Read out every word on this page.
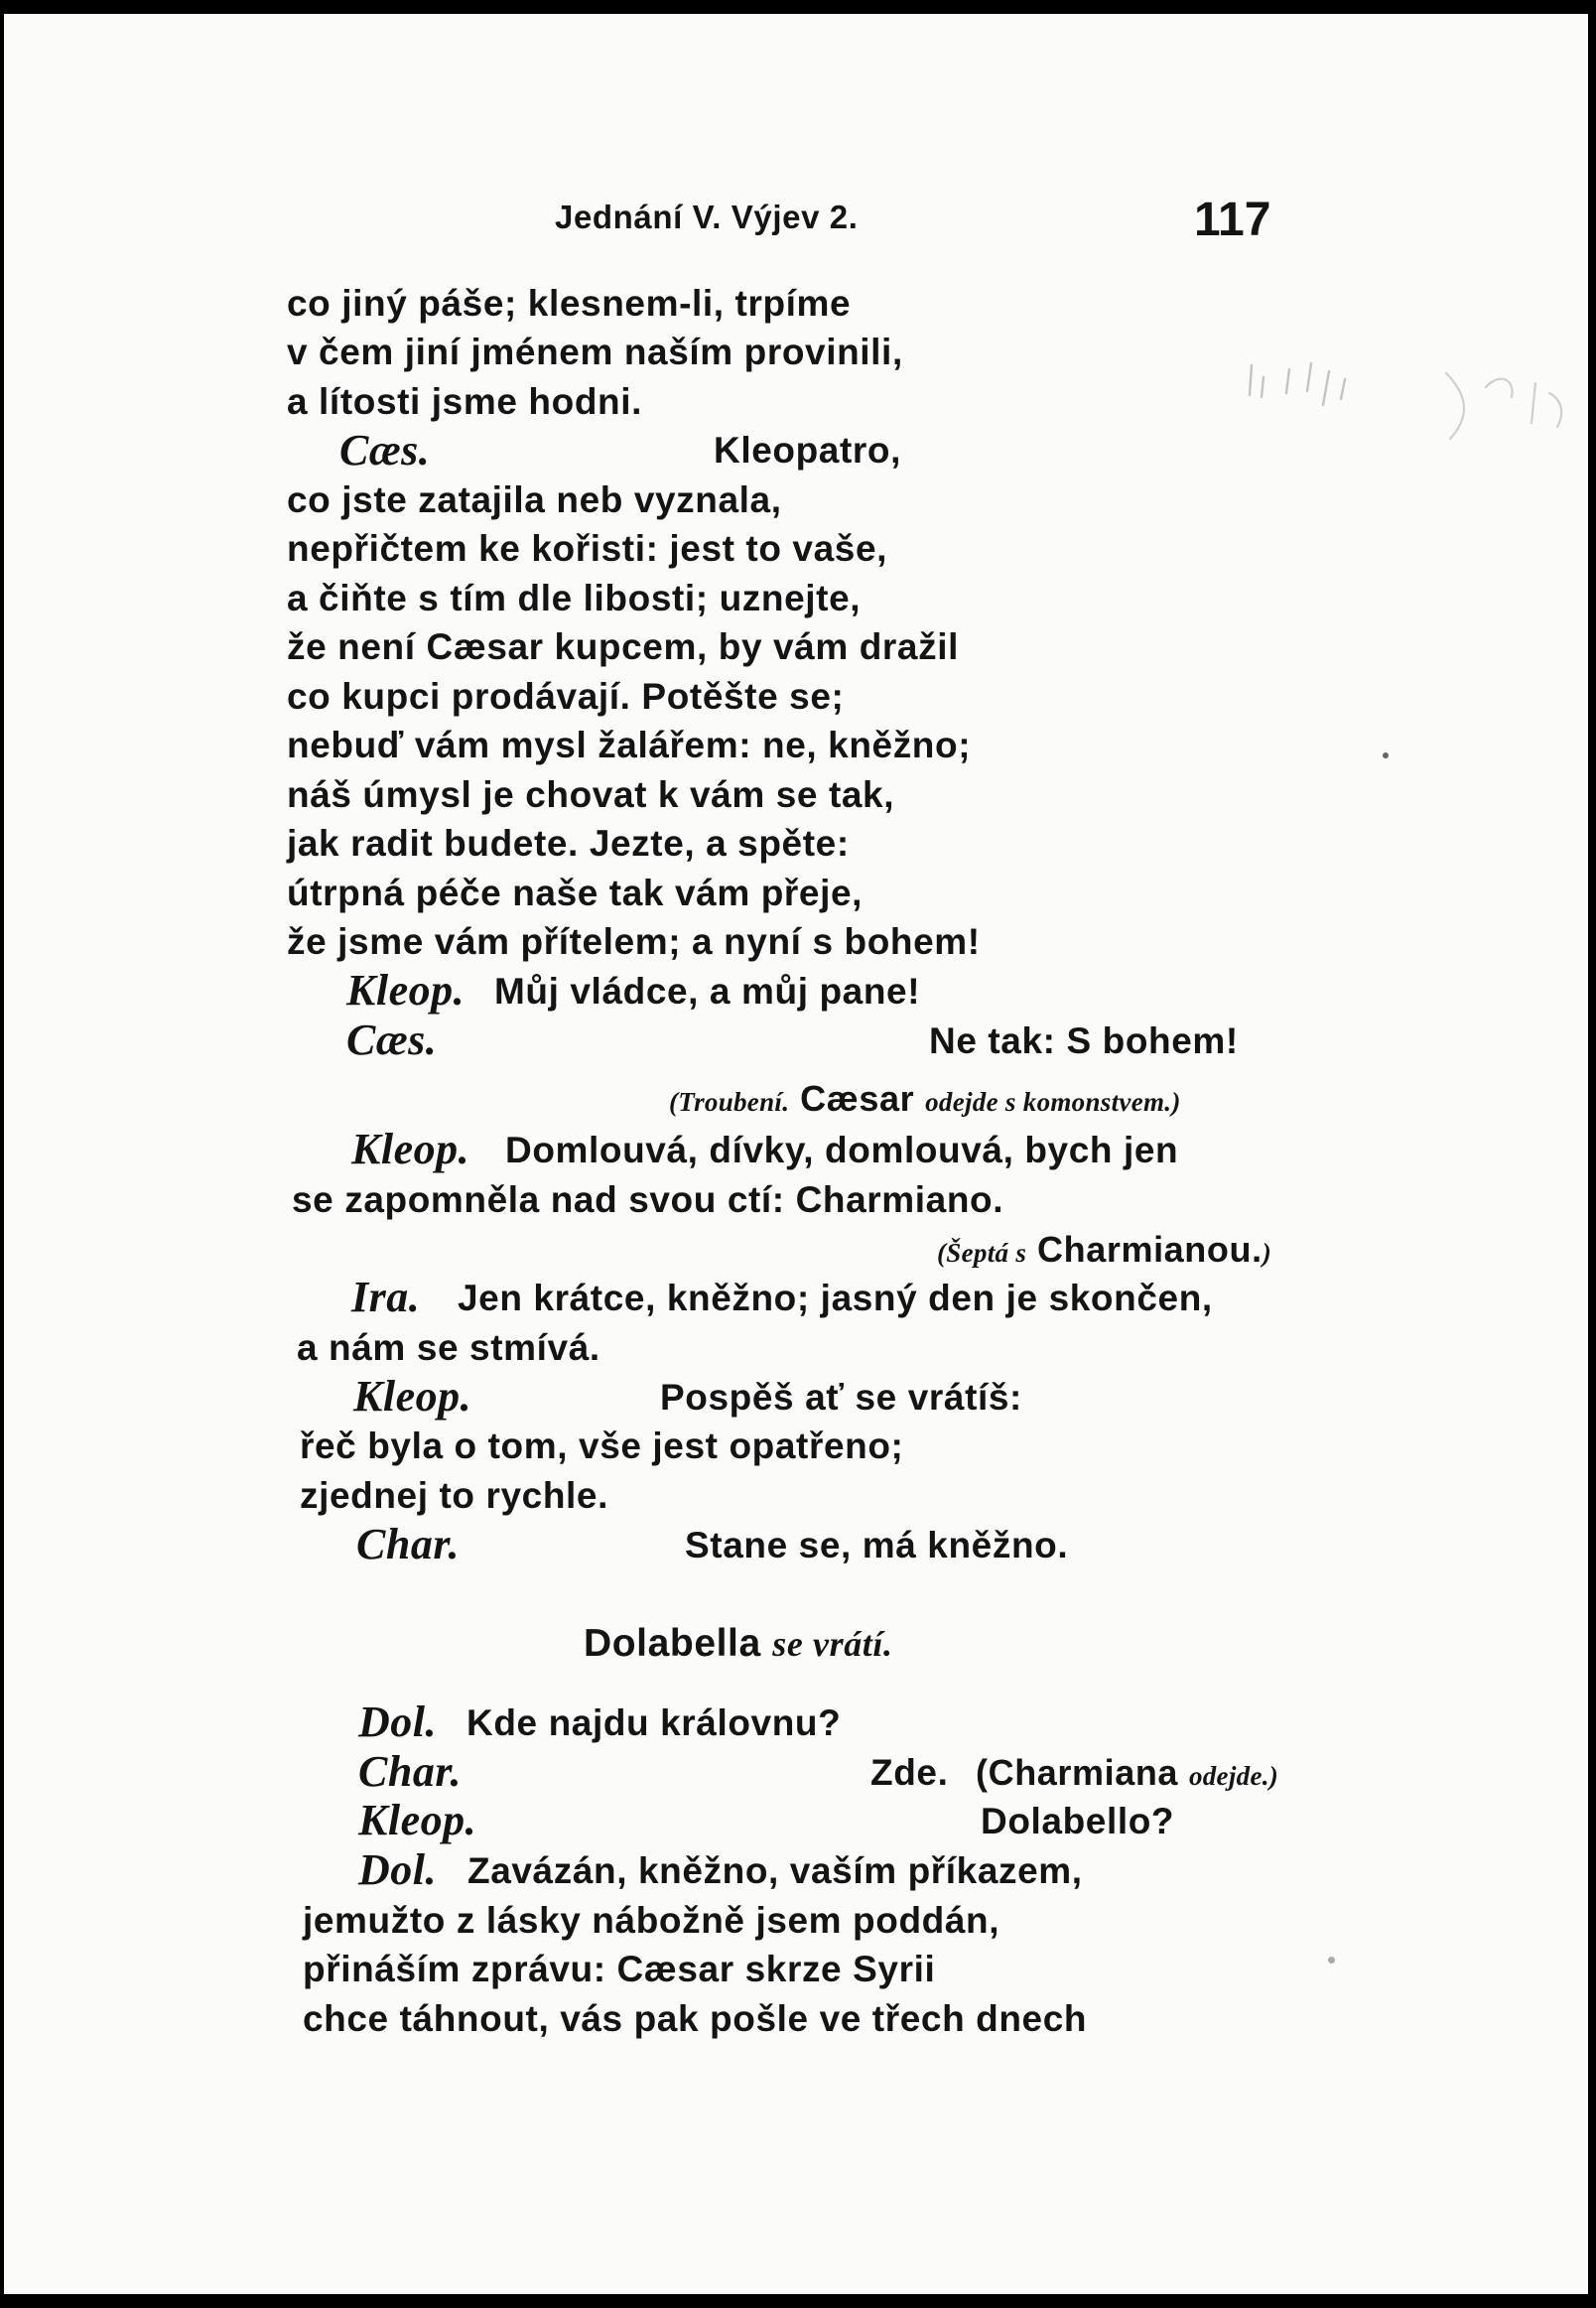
Jednání V. Výjev 2.	117
co jiný páše; klesnem-li, trpíme
v čem jiní jménem naším provinili,
a lítosti jsme hodni.
Cæs.	Kleopatro,
co jste zatajila neb vyznala,
nepřičtem ke kořisti: jest to vaše,
a čiňte s tím dle libosti; uznejte,
že není Cæsar kupcem, by vám dražil
co kupci prodávají. Potěšte se;
nebuď vám mysl žalářem: ne, kněžno;
náš úmysl je chovat k vám se tak,
jak radit budete. Jezte, a spěte:
útrpná péče naše tak vám přeje,
že jsme vám přítelem; a nyní s bohem!
Kleop. Můj vládce, a můj pane!
Cæs.	Ne tak: S bohem!
(Troubení. Cæsar odejde s komonstvem.)
Kleop. Domlouvá, dívky, domlouvá, bych jen
se zapomněla nad svou ctí: Charmiano.
(Šeptá s Charmianou.)
Ira. Jen krátce, kněžno; jasný den je skončen,
a nám se stmívá.
Kleop.	Pospěš ať se vrátíš:
řeč byla o tom, vše jest opatřeno;
zjednej to rychle.
Char.	Stane se, má kněžno.
Dolabella se vrátí.
Dol. Kde najdu královnu?
Char.	Zde. (Charmiana odejde.)
Kleop.	Dolabello?
Dol. Zavázán, kněžno, vaším příkazem,
jemužto z lásky nábožně jsem poddán,
přináším zprávu: Cæsar skrze Syrii
chce táhnout, vás pak pošle ve třech dnech
